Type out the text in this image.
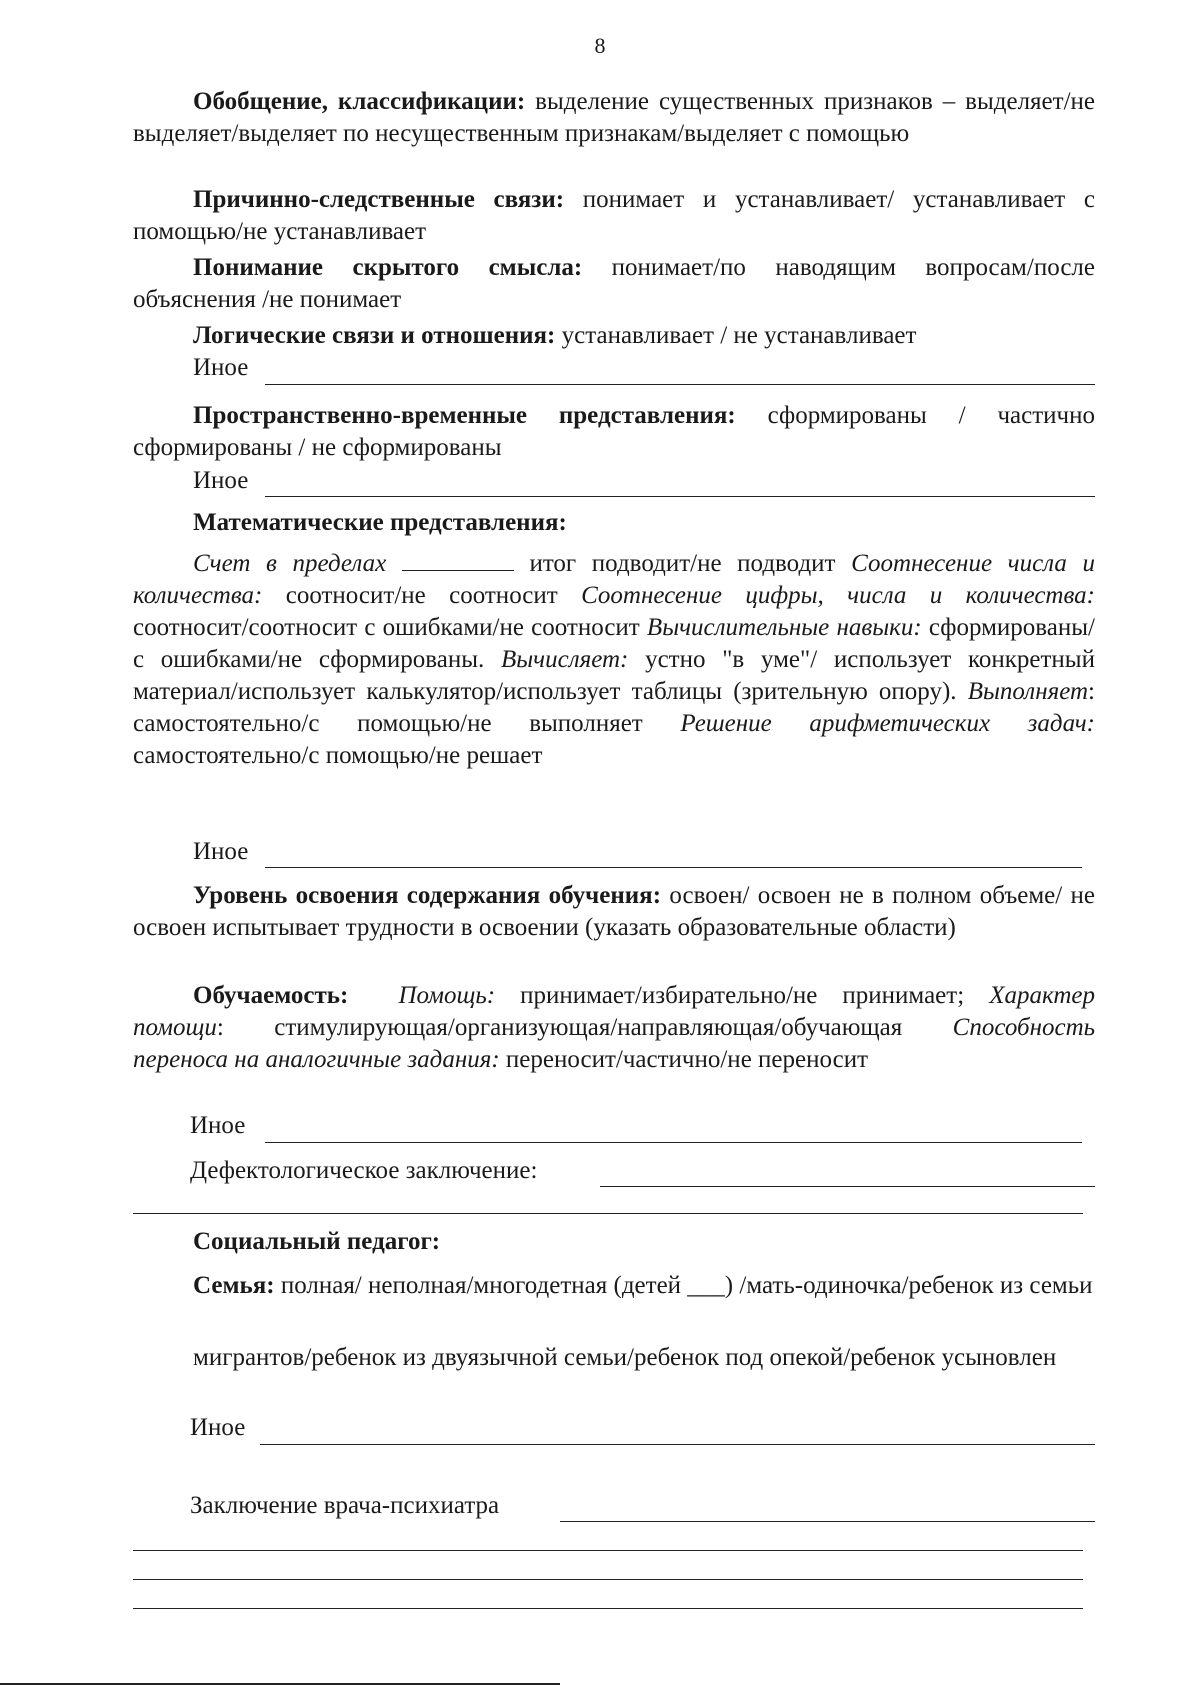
8
Обобщение, классификации: выделение существенных признаков – выделяет/не выделяет/выделяет по несущественным признакам/выделяет с помощью
Причинно-следственные связи: понимает и устанавливает/ устанавливает с помощью/не устанавливает
Понимание скрытого смысла: понимает/по наводящим вопросам/после объяснения /не понимает
Логические связи и отношения: устанавливает / не устанавливает
Иное
Пространственно-временные представления: сформированы / частично сформированы / не сформированы
Иное
Математические представления:
Счет в пределах	итог подводит/не подводит Соотнесение числа и количества: соотносит/не соотносит Соотнесение цифры, числа и количества: соотносит/соотносит с ошибками/не соотносит Вычислительные навыки: сформированы/с ошибками/не сформированы. Вычисляет: устно "в уме"/ использует конкретный материал/использует калькулятор/использует таблицы (зрительную опору). Выполняет: самостоятельно/с помощью/не выполняет Решение арифметических задач: самостоятельно/с помощью/не решает
Иное
Уровень освоения содержания обучения: освоен/ освоен не в полном объеме/ не освоен испытывает трудности в освоении (указать образовательные области)
Обучаемость: Помощь: принимает/избирательно/не принимает; Характер помощи: стимулирующая/организующая/направляющая/обучающая Способность переноса на аналогичные задания: переносит/частично/не переносит
Иное
Дефектологическое заключение:
Социальный педагог:
Семья: полная/ неполная/многодетная (детей ___) /мать-одиночка/ребенок из семьи
мигрантов/ребенок из двуязычной семьи/ребенок под опекой/ребенок усыновлен
Иное
Заключение врача-психиатра
